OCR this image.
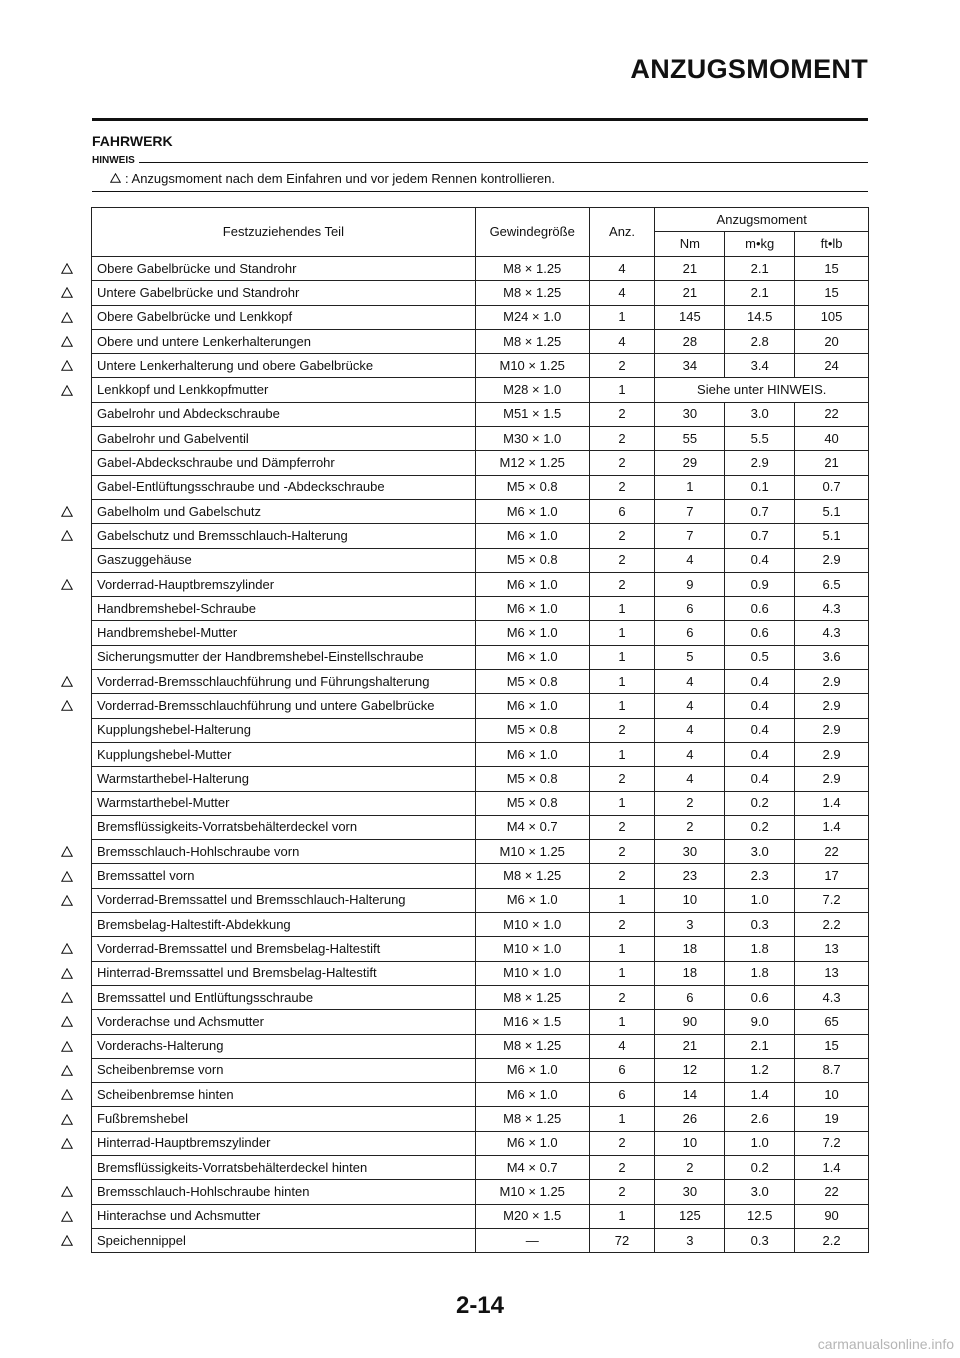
ANZUGSMOMENT
FAHRWERK
HINWEIS
: Anzugsmoment nach dem Einfahren und vor jedem Rennen kontrollieren.
Festzuziehendes Teil	Gewindegröße	Anz.	Anzugsmoment		
			Nm	m•kg	ft•lb
Obere Gabelbrücke und Standrohr	M8 × 1.25	4	21	2.1	15
Untere Gabelbrücke und Standrohr	M8 × 1.25	4	21	2.1	15
Obere Gabelbrücke und Lenkkopf	M24 × 1.0	1	145	14.5	105
Obere und untere Lenkerhalterungen	M8 × 1.25	4	28	2.8	20
Untere Lenkerhalterung und obere Gabelbrücke	M10 × 1.25	2	34	3.4	24
Lenkkopf und Lenkkopfmutter	M28 × 1.0	1	Siehe unter HINWEIS.		
Gabelrohr und Abdeckschraube	M51 × 1.5	2	30	3.0	22
Gabelrohr und Gabelventil	M30 × 1.0	2	55	5.5	40
Gabel-Abdeckschraube und Dämpferrohr	M12 × 1.25	2	29	2.9	21
Gabel-Entlüftungsschraube und -Abdeckschraube	M5 × 0.8	2	1	0.1	0.7
Gabelholm und Gabelschutz	M6 × 1.0	6	7	0.7	5.1
Gabelschutz und Bremsschlauch-Halterung	M6 × 1.0	2	7	0.7	5.1
Gaszuggehäuse	M5 × 0.8	2	4	0.4	2.9
Vorderrad-Hauptbremszylinder	M6 × 1.0	2	9	0.9	6.5
Handbremshebel-Schraube	M6 × 1.0	1	6	0.6	4.3
Handbremshebel-Mutter	M6 × 1.0	1	6	0.6	4.3
Sicherungsmutter der Handbremshebel-Einstellschraube	M6 × 1.0	1	5	0.5	3.6
Vorderrad-Bremsschlauchführung und Führungshalterung	M5 × 0.8	1	4	0.4	2.9
Vorderrad-Bremsschlauchführung und untere Gabelbrücke	M6 × 1.0	1	4	0.4	2.9
Kupplungshebel-Halterung	M5 × 0.8	2	4	0.4	2.9
Kupplungshebel-Mutter	M6 × 1.0	1	4	0.4	2.9
Warmstarthebel-Halterung	M5 × 0.8	2	4	0.4	2.9
Warmstarthebel-Mutter	M5 × 0.8	1	2	0.2	1.4
Bremsflüssigkeits-Vorratsbehälterdeckel vorn	M4 × 0.7	2	2	0.2	1.4
Bremsschlauch-Hohlschraube vorn	M10 × 1.25	2	30	3.0	22
Bremssattel vorn	M8 × 1.25	2	23	2.3	17
Vorderrad-Bremssattel und Bremsschlauch-Halterung	M6 × 1.0	1	10	1.0	7.2
Bremsbelag-Haltestift-Abdekkung	M10 × 1.0	2	3	0.3	2.2
Vorderrad-Bremssattel und Bremsbelag-Haltestift	M10 × 1.0	1	18	1.8	13
Hinterrad-Bremssattel und Bremsbelag-Haltestift	M10 × 1.0	1	18	1.8	13
Bremssattel und Entlüftungsschraube	M8 × 1.25	2	6	0.6	4.3
Vorderachse und Achsmutter	M16 × 1.5	1	90	9.0	65
Vorderachs-Halterung	M8 × 1.25	4	21	2.1	15
Scheibenbremse vorn	M6 × 1.0	6	12	1.2	8.7
Scheibenbremse hinten	M6 × 1.0	6	14	1.4	10
Fußbremshebel	M8 × 1.25	1	26	2.6	19
Hinterrad-Hauptbremszylinder	M6 × 1.0	2	10	1.0	7.2
Bremsflüssigkeits-Vorratsbehälterdeckel hinten	M4 × 0.7	2	2	0.2	1.4
Bremsschlauch-Hohlschraube hinten	M10 × 1.25	2	30	3.0	22
Hinterachse und Achsmutter	M20 × 1.5	1	125	12.5	90
Speichennippel	—	72	3	0.3	2.2
2-14
carmanualsonline.info
